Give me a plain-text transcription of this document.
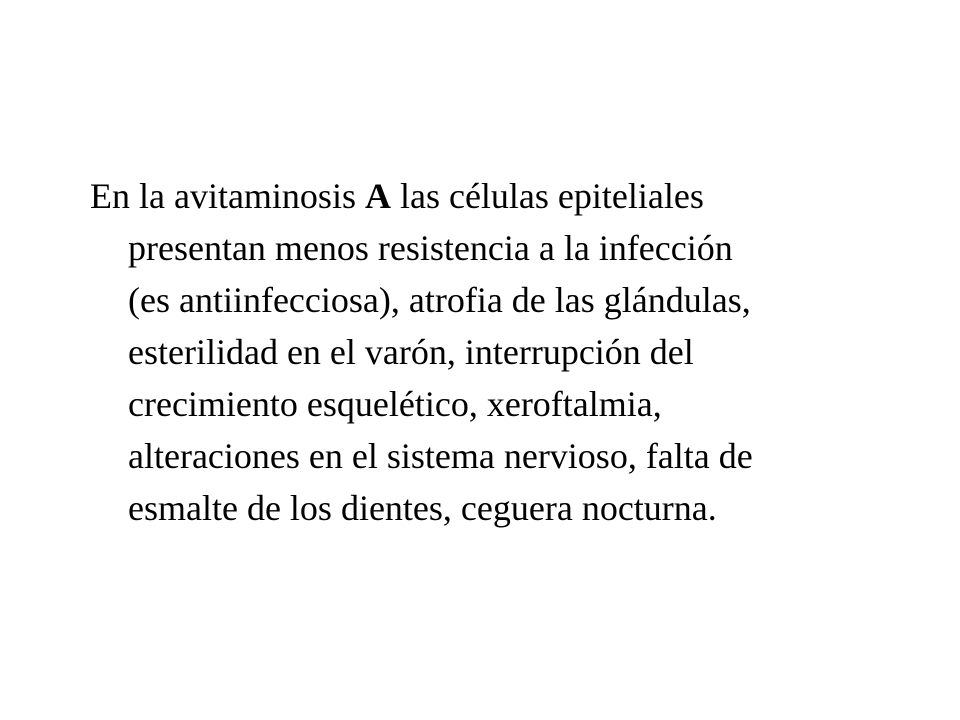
En la avitaminosis A las células epiteliales
presentan menos resistencia a la infección
(es antiinfecciosa), atrofia de las glándulas,
esterilidad en el varón, interrupción del
crecimiento esquelético, xeroftalmia,
alteraciones en el sistema nervioso, falta de
esmalte de los dientes, ceguera nocturna.
